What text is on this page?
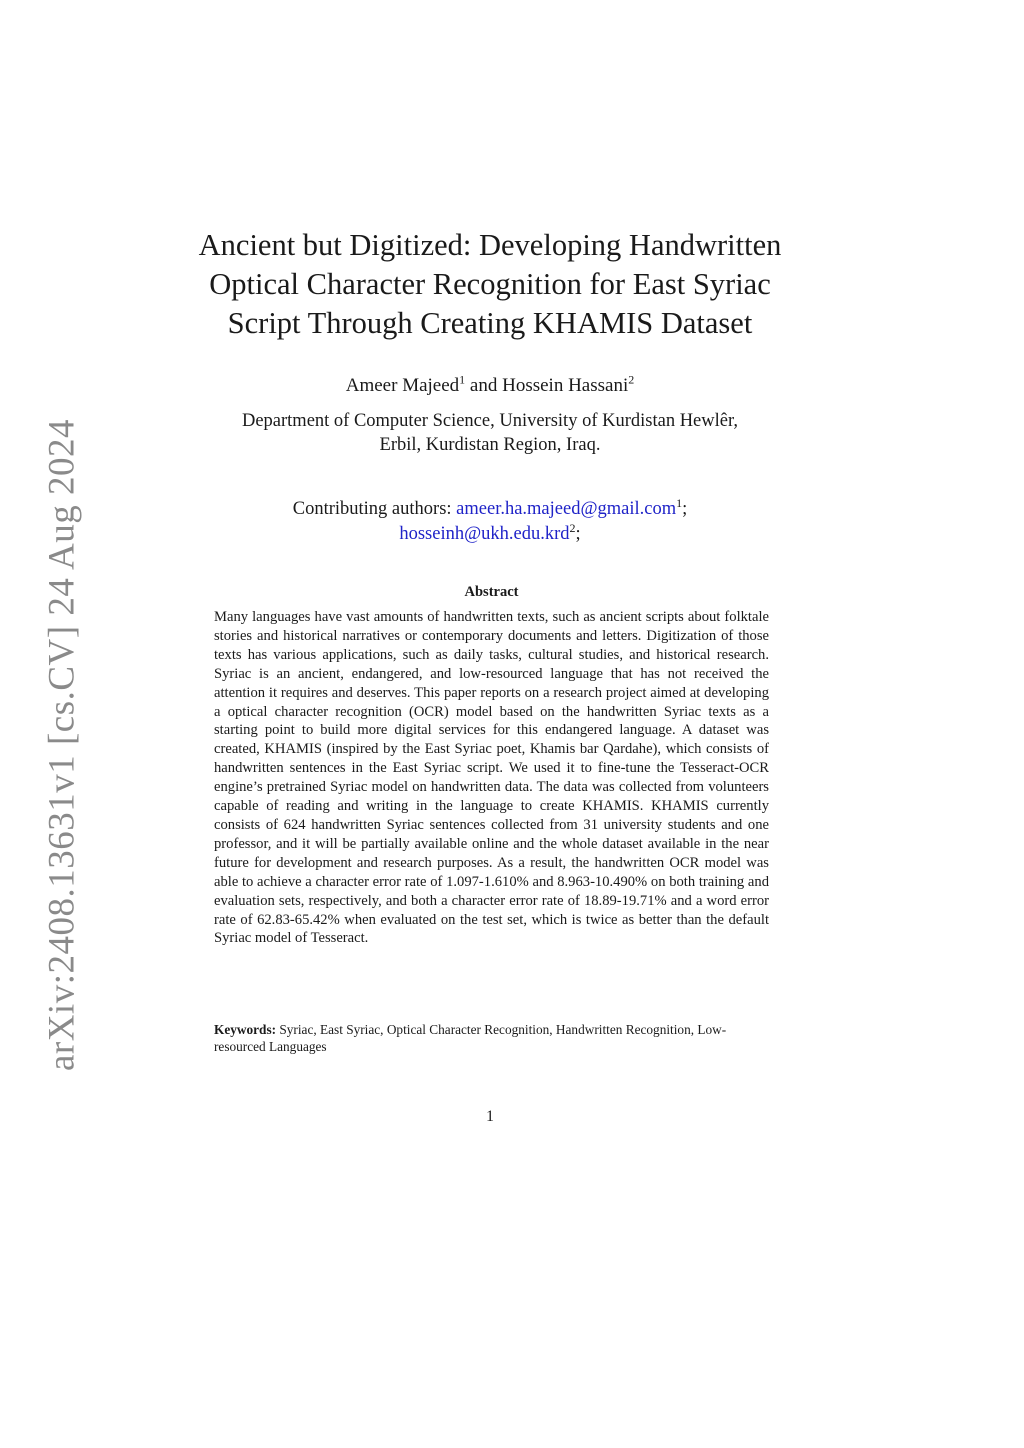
arXiv:2408.13631v1 [cs.CV] 24 Aug 2024
Ancient but Digitized: Developing Handwritten
Optical Character Recognition for East Syriac
Script Through Creating KHAMIS Dataset
Ameer Majeed$^1$ and Hossein Hassani$^2$
Department of Computer Science, University of Kurdistan Hewlêr,
Erbil, Kurdistan Region, Iraq.
Contributing authors: ameer.ha.majeed@gmail.com$^1$;
hosseinh@ukh.edu.krd$^2$;
Abstract

Many languages have vast amounts of handwritten texts, such as ancient scripts about folktale stories and historical narratives or contemporary documents and letters. Digitization of those texts has various applications, such as daily tasks, cultural studies, and historical research. Syriac is an ancient, endangered, and low-resourced language that has not received the attention it requires and deserves. This paper reports on a research project aimed at developing a optical character recognition (OCR) model based on the handwritten Syriac texts as a starting point to build more digital services for this endangered language. A dataset was created, KHAMIS (inspired by the East Syriac poet, Khamis bar Qardahe), which consists of handwritten sentences in the East Syriac script. We used it to fine-tune the Tesseract-OCR engine’s pretrained Syriac model on handwritten data. The data was collected from volunteers capable of reading and writing in the language to create KHAMIS. KHAMIS currently consists of 624 handwritten Syriac sentences collected from 31 university students and one professor, and it will be partially available online and the whole dataset available in the near future for development and research purposes. As a result, the handwritten OCR model was able to achieve a character error rate of 1.097-1.610% and 8.963-10.490% on both training and evaluation sets, respectively, and both a character error rate of 18.89-19.71% and a word error rate of 62.83-65.42% when evaluated on the test set, which is twice as better than the default Syriac model of Tesseract.

Keywords: Syriac, East Syriac, Optical Character Recognition, Handwritten Recognition, Low-resourced Languages

1
